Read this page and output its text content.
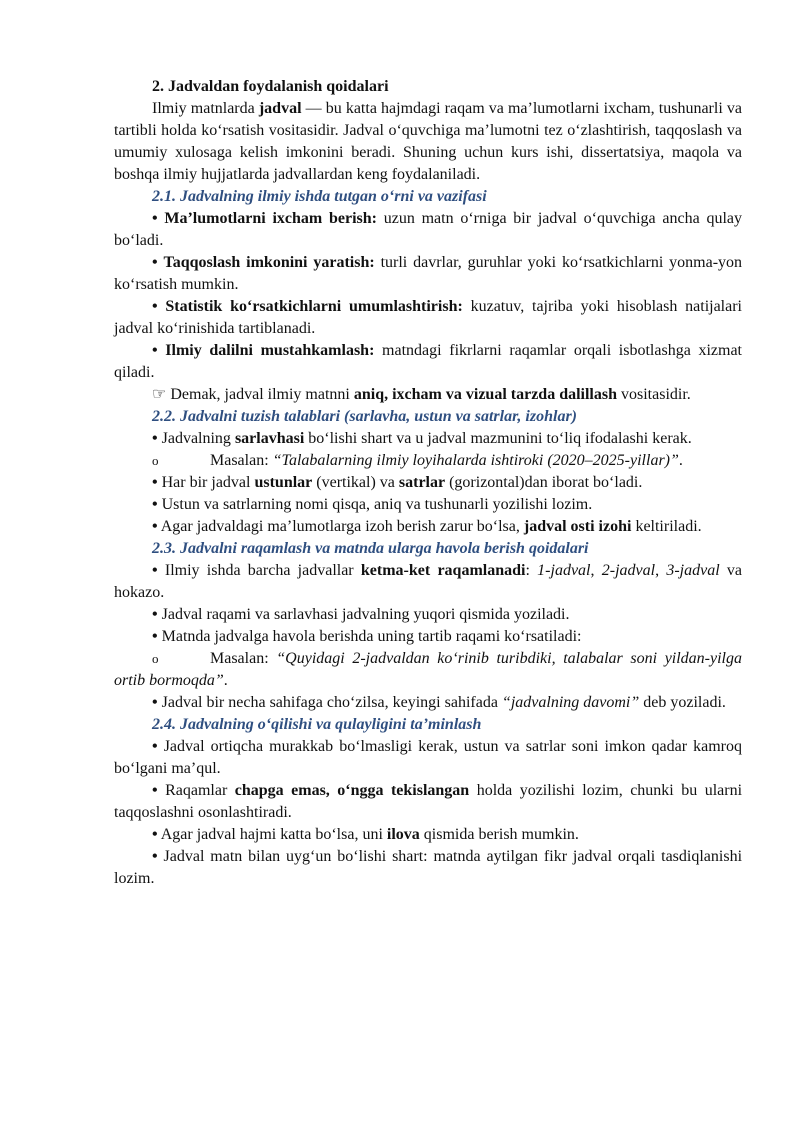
2. Jadvaldan foydalanish qoidalari

Ilmiy matnlarda jadval — bu katta hajmdagi raqam va ma’lumotlarni ixcham, tushunarli va tartibli holda ko‘rsatish vositasidir. Jadval o‘quvchiga ma’lumotni tez o‘zlashtirish, taqqoslash va umumiy xulosaga kelish imkonini beradi. Shuning uchun kurs ishi, dissertatsiya, maqola va boshqa ilmiy hujjatlarda jadvallardan keng foydalaniladi.

2.1. Jadvalning ilmiy ishda tutgan o‘rni va vazifasi

• Ma’lumotlarni ixcham berish: uzun matn o‘rniga bir jadval o‘quvchiga ancha qulay bo‘ladi.

• Taqqoslash imkonini yaratish: turli davrlar, guruhlar yoki ko‘rsatkichlarni yonma-yon ko‘rsatish mumkin.

• Statistik ko‘rsatkichlarni umumlashtirish: kuzatuv, tajriba yoki hisoblash natijalari jadval ko‘rinishida tartiblanadi.

• Ilmiy dalilni mustahkamlash: matndagi fikrlarni raqamlar orqali isbotlashga xizmat qiladi.

☞ Demak, jadval ilmiy matnni aniq, ixcham va vizual tarzda dalillash vositasidir.

2.2. Jadvalni tuzish talablari (sarlavha, ustun va satrlar, izohlar)

• Jadvalning sarlavhasi bo‘lishi shart va u jadval mazmunini to‘liq ifodalashi kerak.

o	Masalan: “Talabalarning ilmiy loyihalarda ishtiroki (2020–2025-yillar)”.

• Har bir jadval ustunlar (vertikal) va satrlar (gorizontal)dan iborat bo‘ladi.

• Ustun va satrlarning nomi qisqa, aniq va tushunarli yozilishi lozim.

• Agar jadvaldagi ma’lumotlarga izoh berish zarur bo‘lsa, jadval osti izohi keltiriladi.

2.3. Jadvalni raqamlash va matnda ularga havola berish qoidalari

• Ilmiy ishda barcha jadvallar ketma-ket raqamlanadi: 1-jadval, 2-jadval, 3-jadval va hokazo.

• Jadval raqami va sarlavhasi jadvalning yuqori qismida yoziladi.

• Matnda jadvalga havola berishda uning tartib raqami ko‘rsatiladi:

o	Masalan: “Quyidagi 2-jadvaldan ko‘rinib turibdiki, talabalar soni yildan-yilga ortib bormoqda”.

• Jadval bir necha sahifaga cho‘zilsa, keyingi sahifada “jadvalning davomi” deb yoziladi.

2.4. Jadvalning o‘qilishi va qulayligini ta’minlash

• Jadval ortiqcha murakkab bo‘lmasligi kerak, ustun va satrlar soni imkon qadar kamroq bo‘lgani ma’qul.

• Raqamlar chapga emas, o‘ngga tekislangan holda yozilishi lozim, chunki bu ularni taqqoslashni osonlashtiradi.

• Agar jadval hajmi katta bo‘lsa, uni ilova qismida berish mumkin.

• Jadval matn bilan uyg‘un bo‘lishi shart: matnda aytilgan fikr jadval orqali tasdiqlanishi lozim.
